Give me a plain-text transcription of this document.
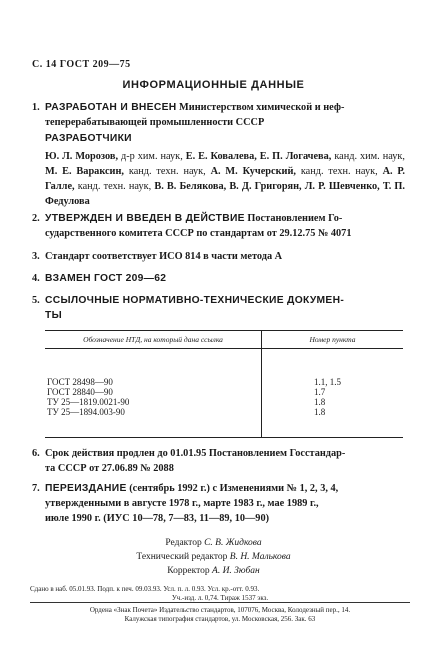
С. 14 ГОСТ 209—75
ИНФОРМАЦИОННЫЕ ДАННЫЕ
1. РАЗРАБОТАН И ВНЕСЕН Министерством химической и неф-
теперерабатывающей промышленности СССР
РАЗРАБОТЧИКИ
Ю. Л. Морозов, д-р хим. наук, Е. Е. Ковалева, Е. П. Логачева, канд. хим. наук, М. Е. Вараксин, канд. техн. наук, А. М. Кучерский, канд. техн. наук, А. Р. Галле, канд. техн. наук, В. В. Белякова, В. Д. Григорян, Л. Р. Шевченко, Т. П. Федулова
2. УТВЕРЖДЕН И ВВЕДЕН В ДЕЙСТВИЕ Постановлением Го-
сударственного комитета СССР по стандартам от 29.12.75 № 4071
3. Стандарт соответствует ИСО 814 в части метода А
4. ВЗАМЕН ГОСТ 209—62
5. ССЫЛОЧНЫЕ НОРМАТИВНО-ТЕХНИЧЕСКИЕ ДОКУМЕН-
ТЫ
Обозначение НТД, на который дана ссылка	Номер пункта
ГОСТ 28498—90	1.1, 1.5
ГОСТ 28840—90	1.7
ТУ 25—1819.0021-90	1.8
ТУ 25—1894.003-90	1.8
6. Срок действия продлен до 01.01.95 Постановлением Госстандар-
та СССР от 27.06.89 № 2088
7. ПЕРЕИЗДАНИЕ (сентябрь 1992 г.) с Изменениями № 1, 2, 3, 4,
утвержденными в августе 1978 г., марте 1983 г., мае 1989 г.,
июле 1990 г. (ИУС 10—78, 7—83, 11—89, 10—90)
Редактор С. В. Жидкова
Технический редактор В. Н. Малькова
Корректор А. И. Зюбан
Сдано в наб. 05.01.93. Подп. к печ. 09.03.93. Усл. п. л. 0.93. Усл. кр.-отт. 0.93.
Уч.-изд. л. 0,74. Тираж 1537 экз.
Ордена «Знак Почета» Издательство стандартов, 107076, Москва, Колодезный пер., 14.
Калужская типография стандартов, ул. Московская, 256. Зак. 63
